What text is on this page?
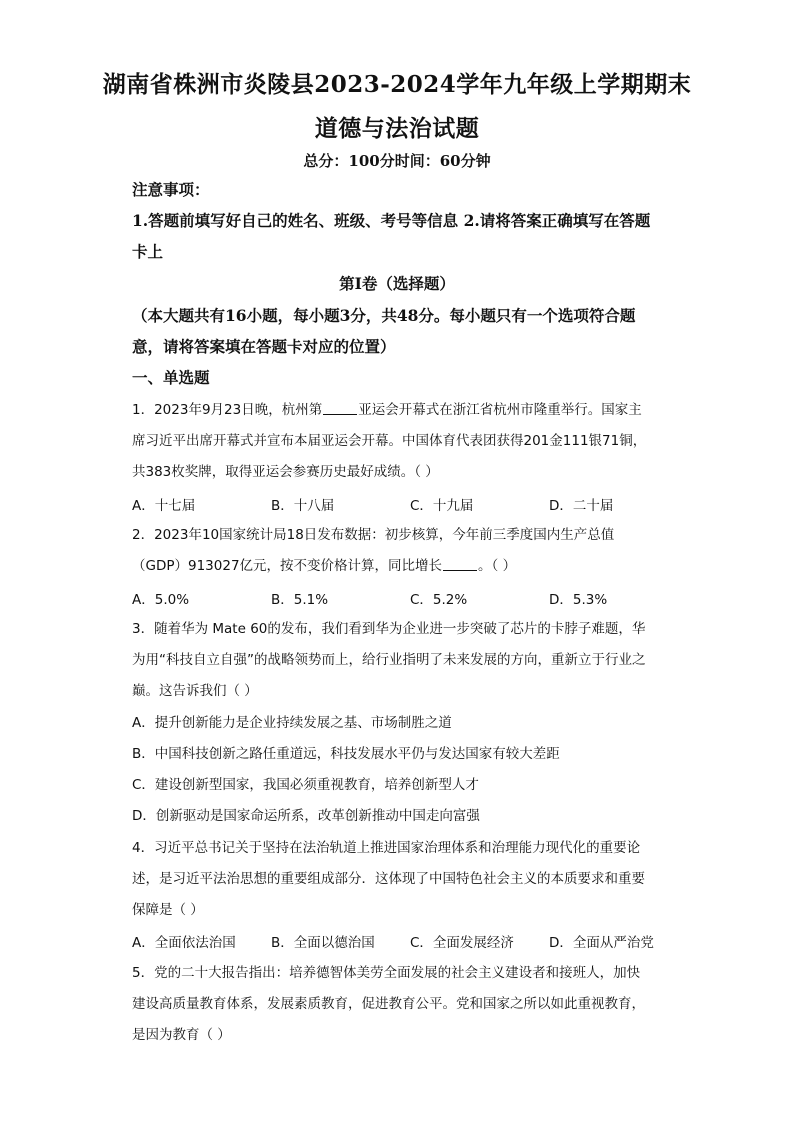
湖南省株洲市炎陵县2023-2024学年九年级上学期期末
道德与法治试题
总分：100分时间：60分钟
注意事项：
1.答题前填写好自己的姓名、班级、考号等信息 2.请将答案正确填写在答题
卡上
第I卷（选择题）
（本大题共有16小题，每小题3分，共48分。每小题只有一个选项符合题
意，请将答案填在答题卡对应的位置）
一、单选题
1．2023年9月23日晚，杭州第	亚运会开幕式在浙江省杭州市隆重举行。国家主
席习近平出席开幕式并宣布本届亚运会开幕。中国体育代表团获得201金111银71铜，
共383枚奖牌，取得亚运会参赛历史最好成绩。（ ）
A．十七届	B．十八届	C．十九届	D．二十届
2．2023年10国家统计局18日发布数据：初步核算，今年前三季度国内生产总值
（GDP）913027亿元，按不变价格计算，同比增长	。（ ）
A．5.0%	B．5.1%	C．5.2%	D．5.3%
3．随着华为 Mate 60的发布，我们看到华为企业进一步突破了芯片的卡脖子难题，华
为用“科技自立自强”的战略领势而上，给行业指明了未来发展的方向，重新立于行业之
巅。这告诉我们（ ）
A．提升创新能力是企业持续发展之基、市场制胜之道
B．中国科技创新之路任重道远，科技发展水平仍与发达国家有较大差距
C．建设创新型国家，我国必须重视教育，培养创新型人才
D．创新驱动是国家命运所系，改革创新推动中国走向富强
4．习近平总书记关于坚持在法治轨道上推进国家治理体系和治理能力现代化的重要论
述，是习近平法治思想的重要组成部分．这体现了中国特色社会主义的本质要求和重要
保障是（ ）
A．全面依法治国	B．全面以德治国	C．全面发展经济	D．全面从严治党
5．党的二十大报告指出：培养德智体美劳全面发展的社会主义建设者和接班人，加快
建设高质量教育体系，发展素质教育，促进教育公平。党和国家之所以如此重视教育，
是因为教育（ ）
